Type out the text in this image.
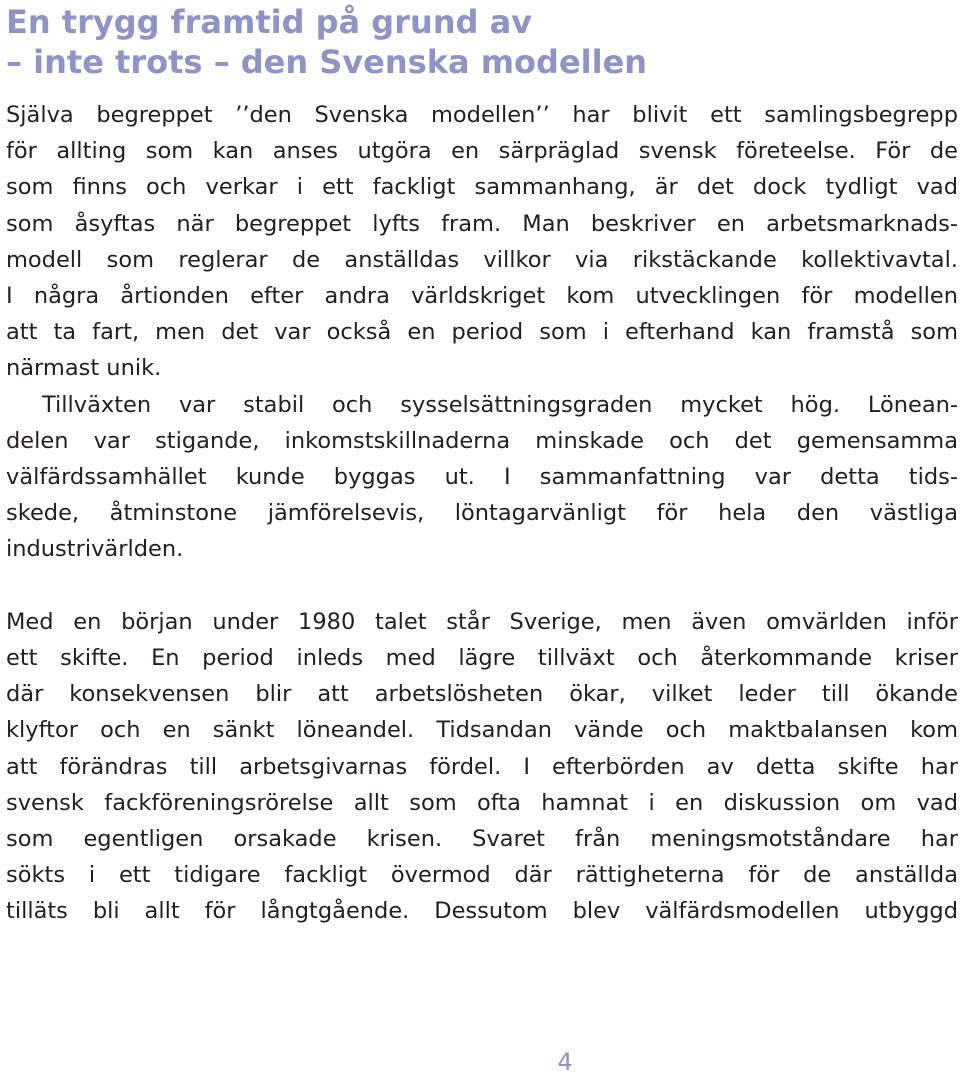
En trygg framtid på grund av
– inte trots – den Svenska modellen
Själva begreppet ’’den Svenska modellen’’ har blivit ett samlingsbegrepp
för allting som kan anses utgöra en särpräglad svensk företeelse. För de
som finns och verkar i ett fackligt sammanhang, är det dock tydligt vad
som åsyftas när begreppet lyfts fram. Man beskriver en arbetsmarknads-
modell som reglerar de anställdas villkor via rikstäckande kollektivavtal.
I några årtionden efter andra världskriget kom utvecklingen för modellen
att ta fart, men det var också en period som i efterhand kan framstå som
närmast unik.
Tillväxten var stabil och sysselsättningsgraden mycket hög. Lönean-
delen var stigande, inkomstskillnaderna minskade och det gemensamma
välfärdssamhället kunde byggas ut. I sammanfattning var detta tids-
skede, åtminstone jämförelsevis, löntagarvänligt för hela den västliga
industrivärlden.
Med en början under 1980 talet står Sverige, men även omvärlden inför
ett skifte. En period inleds med lägre tillväxt och återkommande kriser
där konsekvensen blir att arbetslösheten ökar, vilket leder till ökande
klyftor och en sänkt löneandel. Tidsandan vände och maktbalansen kom
att förändras till arbetsgivarnas fördel. I efterbörden av detta skifte har
svensk fackföreningsrörelse allt som ofta hamnat i en diskussion om vad
som egentligen orsakade krisen. Svaret från meningsmotståndare har
sökts i ett tidigare fackligt övermod där rättigheterna för de anställda
tilläts bli allt för långtgående. Dessutom blev välfärdsmodellen utbyggd
4
